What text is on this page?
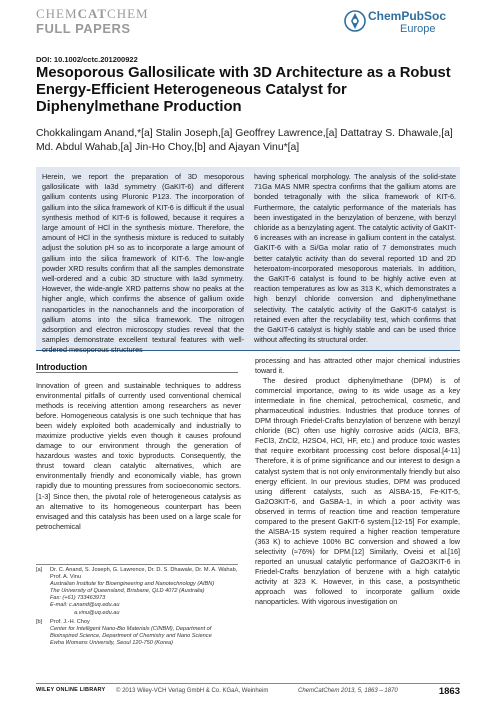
CHEMCATCHEM
FULL PAPERS
ChemPubSoc
Europe
DOI: 10.1002/cctc.201200922
Mesoporous Gallosilicate with 3D Architecture as a Robust Energy-Efficient Heterogeneous Catalyst for Diphenylmethane Production
Chokkalingam Anand,*[a] Stalin Joseph,[a] Geoffrey Lawrence,[a] Dattatray S. Dhawale,[a] Md. Abdul Wahab,[a] Jin-Ho Choy,[b] and Ajayan Vinu*[a]
Herein, we report the preparation of 3D mesoporous gallosilicate with Ia3d symmetry (GaKIT-6) and different gallium contents using Pluronic P123. The incorporation of gallium into the silica framework of KIT-6 is difficult if the usual synthesis method of KIT-6 is followed, because it requires a large amount of HCl in the synthesis mixture. Therefore, the amount of HCl in the synthesis mixture is reduced to suitably adjust the solution pH so as to incorporate a large amount of gallium into the silica framework of KIT-6. The low-angle powder XRD results confirm that all the samples demonstrate well-ordered and a cubic 3D structure with Ia3d symmetry. However, the wide-angle XRD patterns show no peaks at the higher angle, which confirms the absence of gallium oxide nanoparticles in the nanochannels and the incorporation of gallium atoms into the silica framework. The nitrogen adsorption and electron microscopy studies reveal that the samples demonstrate excellent textural features with well-ordered mesoporous structures
having spherical morphology. The analysis of the solid-state 71Ga MAS NMR spectra confirms that the gallium atoms are bonded tetragonally with the silica framework of KIT-6. Furthermore, the catalytic performance of the materials has been investigated in the benzylation of benzene, with benzyl chloride as a benzylating agent. The catalytic activity of GaKIT-6 increases with an increase in gallium content in the catalyst. GaKIT-6 with a Si/Ga molar ratio of 7 demonstrates much better catalytic activity than do several reported 1D and 2D heteroatom-incorporated mesoporous materials. In addition, the GaKIT-6 catalyst is found to be highly active even at reaction temperatures as low as 313 K, which demonstrates a high benzyl chloride conversion and diphenylmethane selectivity. The catalytic activity of the GaKIT-6 catalyst is retained even after the recyclability test, which confirms that the GaKIT-6 catalyst is highly stable and can be used thrice without affecting its structural order.
Introduction

Innovation of green and sustainable techniques to address environmental pitfalls of currently used conventional chemical methods is receiving attention among researchers as never before. Homogeneous catalysis is one such technique that has been widely exploited both academically and industrially to maximize productive yields even though it causes profound damage to our environment through the generation of hazardous wastes and toxic byproducts. Consequently, the thrust toward clean catalytic alternatives, which are environmentally friendly and economically viable, has grown rapidly due to mounting pressures from socioeconomic sectors.[1-3] Since then, the pivotal role of heterogeneous catalysis as an alternative to its homogeneous counterpart has been envisaged and this catalysis has been used on a large scale for petrochemical

processing and has attracted other major chemical industries toward it.

The desired product diphenylmethane (DPM) is of commercial importance, owing to its wide usage as a key intermediate in fine chemical, petrochemical, cosmetic, and pharmaceutical industries. Industries that produce tonnes of DPM through Friedel-Crafts benzylation of benzene with benzyl chloride (BC) often use highly corrosive acids (AlCl3, BF3, FeCl3, ZnCl2, H2SO4, HCl, HF, etc.) and produce toxic wastes that require exorbitant processing cost before disposal.[4-11] Therefore, it is of prime significance and our interest to design a catalyst system that is not only environmentally friendly but also energy efficient. In our previous studies, DPM was produced using different catalysts, such as AlSBA-15, Fe-KIT-5, Ga2O3KIT-6, and GaSBA-1, in which a poor activity was observed in terms of reaction time and reaction temperature compared to the present GaKIT-6 system.[12-15] For example, the AlSBA-15 system required a higher reaction temperature (363 K) to achieve 100% BC conversion and showed a low selectivity (≈76%) for DPM.[12] Similarly, Oveisi et al.[16] reported an unusual catalytic performance of Ga2O3KIT-6 in Friedel-Crafts benzylation of benzene with a high catalytic activity at 323 K. However, in this case, a postsynthetic approach was followed to incorporate gallium oxide nanoparticles. With vigorous investigation on

[a] Dr. C. Anand, S. Joseph, G. Lawrence, Dr. D. S. Dhawale, Dr. M. A. Wahab,
Prof. A. Vinu
Australian Institute for Bioengineering and Nanotechnology (AIBN)
The University of Queensland, Brisbane, QLD 4072 (Australia)
Fax: (+61) 733463973
E-mail: c.anand@uq.edu.au
a.vinu@uq.edu.au
[b] Prof. J.-H. Choy
Center for Intelligent Nano-Bio Materials (CINBM), Department of
Bioinspired Science, Department of Chemistry and Nano Science
Ewha Womans University, Seoul 120-750 (Korea)
WILEY ONLINE LIBRARY © 2013 Wiley-VCH Verlag GmbH & Co. KGaA, Weinheim	ChemCatChem 2013, 5, 1863 – 1870	1863
